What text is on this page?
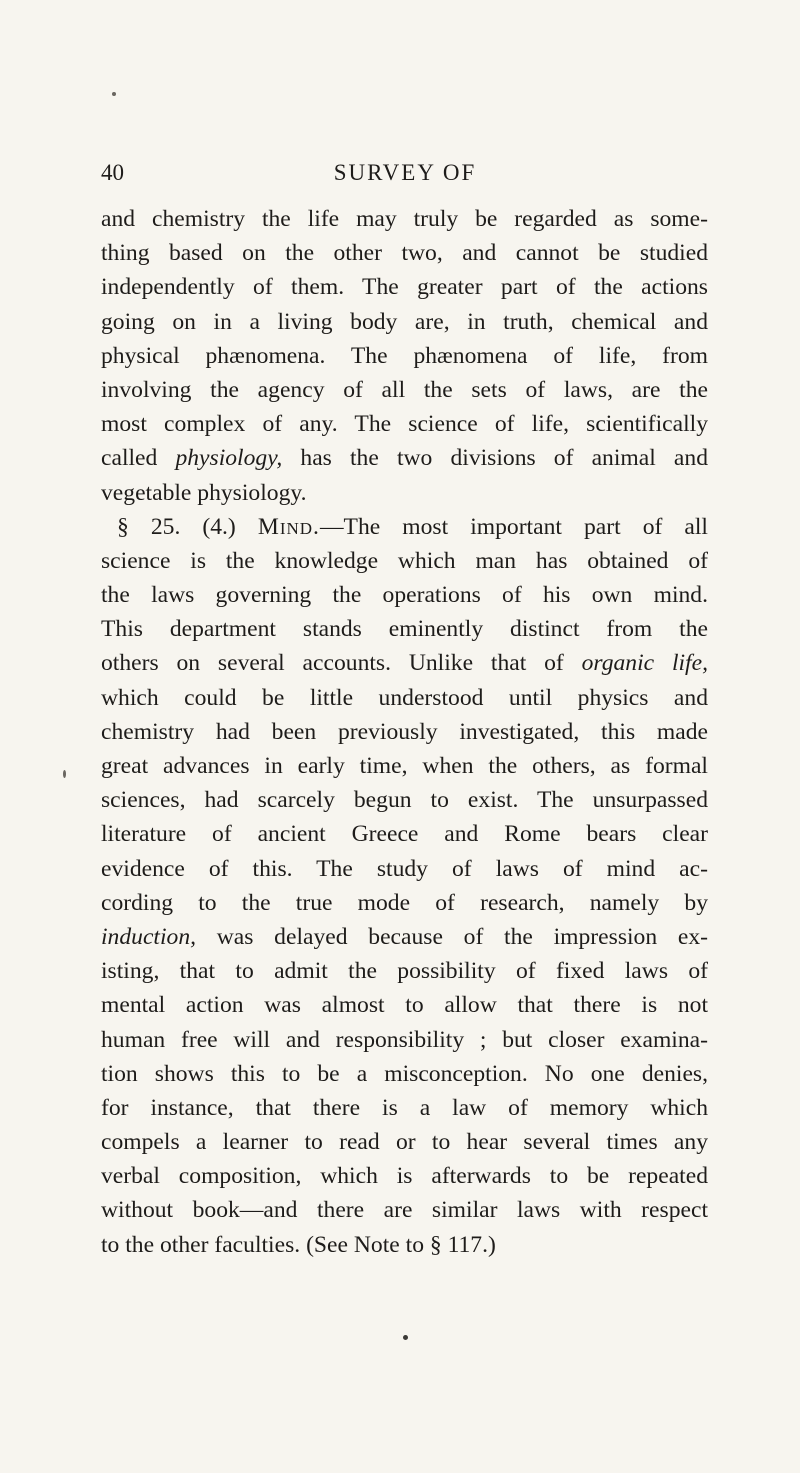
40	SURVEY OF
and chemistry the life may truly be regarded as some-
thing based on the other two, and cannot be studied
independently of them. The greater part of the actions
going on in a living body are, in truth, chemical and
physical phænomena. The phænomena of life, from
involving the agency of all the sets of laws, are the
most complex of any. The science of life, scientifically
called physiology, has the two divisions of animal and
vegetable physiology.
§ 25. (4.) Mind.—The most important part of all
science is the knowledge which man has obtained of
the laws governing the operations of his own mind.
This department stands eminently distinct from the
others on several accounts. Unlike that of organic life,
which could be little understood until physics and
chemistry had been previously investigated, this made
great advances in early time, when the others, as formal
sciences, had scarcely begun to exist. The unsurpassed
literature of ancient Greece and Rome bears clear
evidence of this. The study of laws of mind ac-
cording to the true mode of research, namely by
induction, was delayed because of the impression ex-
isting, that to admit the possibility of fixed laws of
mental action was almost to allow that there is not
human free will and responsibility ; but closer examina-
tion shows this to be a misconception. No one denies,
for instance, that there is a law of memory which
compels a learner to read or to hear several times any
verbal composition, which is afterwards to be repeated
without book—and there are similar laws with respect
to the other faculties. (See Note to § 117.)
